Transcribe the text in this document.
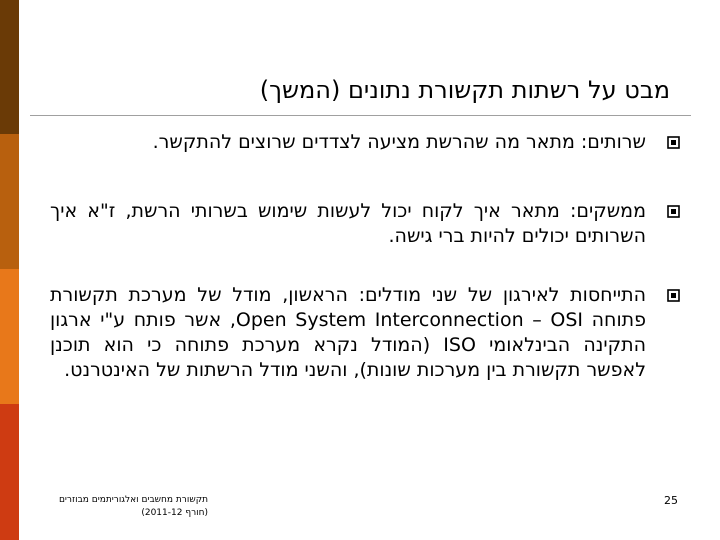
מבט על רשתות תקשורת נתונים (המשך)
שרותים: מתאר מה שהרשת מציעה לצדדים שרוצים להתקשר.
ממשקים: מתאר איך לקוח יכול לעשות שימוש בשרותי הרשת, ז"א איך השרותים יכולים להיות ברי גישה.
התייחסות לאירגון של שני מודלים: הראשון, מודל של מערכת תקשורת פתוחה Open System Interconnection – OSI, אשר פותח ע"י ארגון התקינה הבינלאומי ISO (המודל נקרא מערכת פתוחה כי הוא תוכנן לאפשר תקשורת בין מערכות שונות), והשני מודל הרשתות של האינטרנט.
תקשורת מחשבים ואלגוריתמים מבוזרים
(חורף 2011-12)
25
